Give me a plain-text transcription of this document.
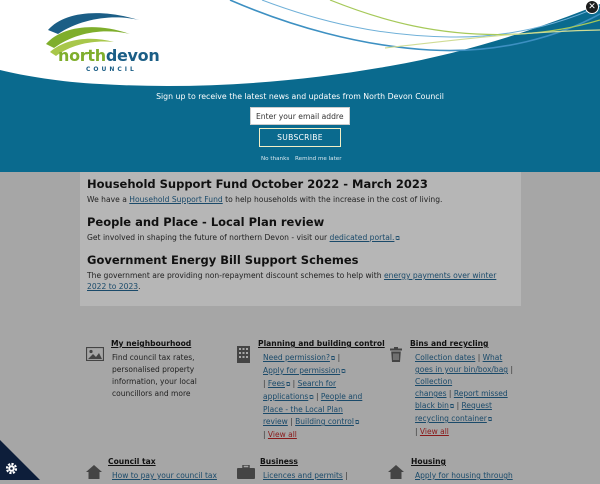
Household Support Fund October 2022 - March 2023
We have a Household Support Fund to help households with the increase in the cost of living.
People and Place - Local Plan review
Get involved in shaping the future of northern Devon - visit our dedicated portal.⧉
Government Energy Bill Support Schemes
The government are providing non-repayment discount schemes to help with energy payments over winter 2022 to 2023.
My neighbourhood
Find council tax rates,
personalised property
information, your local
councillors and more
Planning and building control
Need permission?⧉ |
Apply for permission⧉
| Fees⧉ | Search for
applications⧉ | People and
Place - the Local Plan
review | Building control⧉
| View all
Bins and recycling
Collection dates | What
goes in your bin/box/bag |
Collection
changes | Report missed
black bin⧉ | Request
recycling container⧉
| View all
Council tax
How to pay your council tax
Business
Licences and permits |
Housing
Apply for housing through
northdevon
COUNCIL
✕
Sign up to receive the latest news and updates from North Devon Council
Enter your email address
SUBSCRIBE
No thanks Remind me later
